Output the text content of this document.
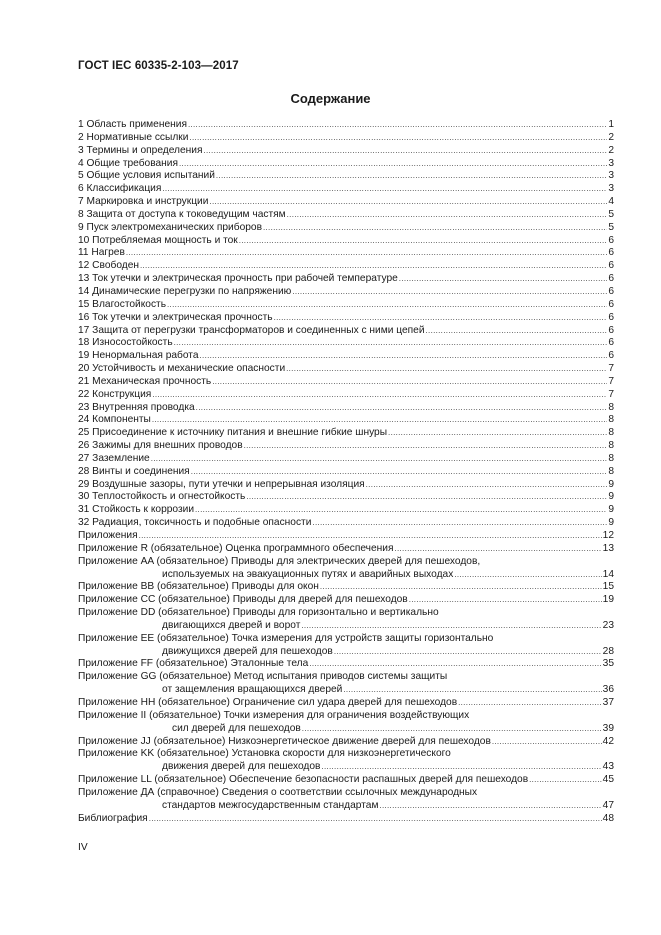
ГОСТ IEC 60335-2-103—2017
Содержание
1 Область применения .....	1
2 Нормативные ссылки .....	2
3 Термины и определения .....	2
4 Общие требования .....	3
5 Общие условия испытаний .....	3
6 Классификация .....	3
7 Маркировка и инструкции .....	4
8 Защита от доступа к токоведущим частям .....	5
9 Пуск электромеханических приборов .....	5
10 Потребляемая мощность и ток .....	6
11 Нагрев .....	6
12 Свободен .....	6
13 Ток утечки и электрическая прочность при рабочей температуре .....	6
14 Динамические перегрузки по напряжению .....	6
15 Влагостойкость .....	6
16 Ток утечки и электрическая прочность .....	6
17 Защита от перегрузки трансформаторов и соединенных с ними цепей .....	6
18 Износостойкость .....	6
19 Ненормальная работа .....	6
20 Устойчивость и механические опасности .....	7
21 Механическая прочность .....	7
22 Конструкция .....	7
23 Внутренняя проводка .....	8
24 Компоненты .....	8
25 Присоединение к источнику питания и внешние гибкие шнуры .....	8
26 Зажимы для внешних проводов .....	8
27 Заземление .....	8
28 Винты и соединения .....	8
29 Воздушные зазоры, пути утечки и непрерывная изоляция .....	9
30 Теплостойкость и огнестойкость .....	9
31 Стойкость к коррозии .....	9
32 Радиация, токсичность и подобные опасности .....	9
Приложения .....	12
Приложение R (обязательное) Оценка программного обеспечения .....	13
Приложение AA (обязательное) Приводы для электрических дверей для пешеходов,
используемых на эвакуационных путях и аварийных выходах .....	14
Приложение BB (обязательное) Приводы для окон .....	15
Приложение CC (обязательное) Приводы для дверей для пешеходов .....	19
Приложение DD (обязательное) Приводы для горизонтально и вертикально
двигающихся дверей и ворот .....	23
Приложение EE (обязательное) Точка измерения для устройств защиты горизонтально
движущихся дверей для пешеходов .....	28
Приложение FF (обязательное) Эталонные тела .....	35
Приложение GG (обязательное) Метод испытания приводов системы защиты
от защемления вращающихся дверей .....	36
Приложение HH (обязательное) Ограничение сил удара дверей для пешеходов .....	37
Приложение II (обязательное) Точки измерения для ограничения воздействующих
сил дверей для пешеходов .....	39
Приложение JJ (обязательное) Низкоэнергетическое движение дверей для пешеходов .....	42
Приложение KK (обязательное) Установка скорости для низкоэнергетического
движения дверей для пешеходов .....	43
Приложение LL (обязательное) Обеспечение безопасности распашных дверей для пешеходов .....	45
Приложение ДА (справочное) Сведения о соответствии ссылочных международных
стандартов межгосударственным стандартам .....	47
Библиография .....	48
IV
